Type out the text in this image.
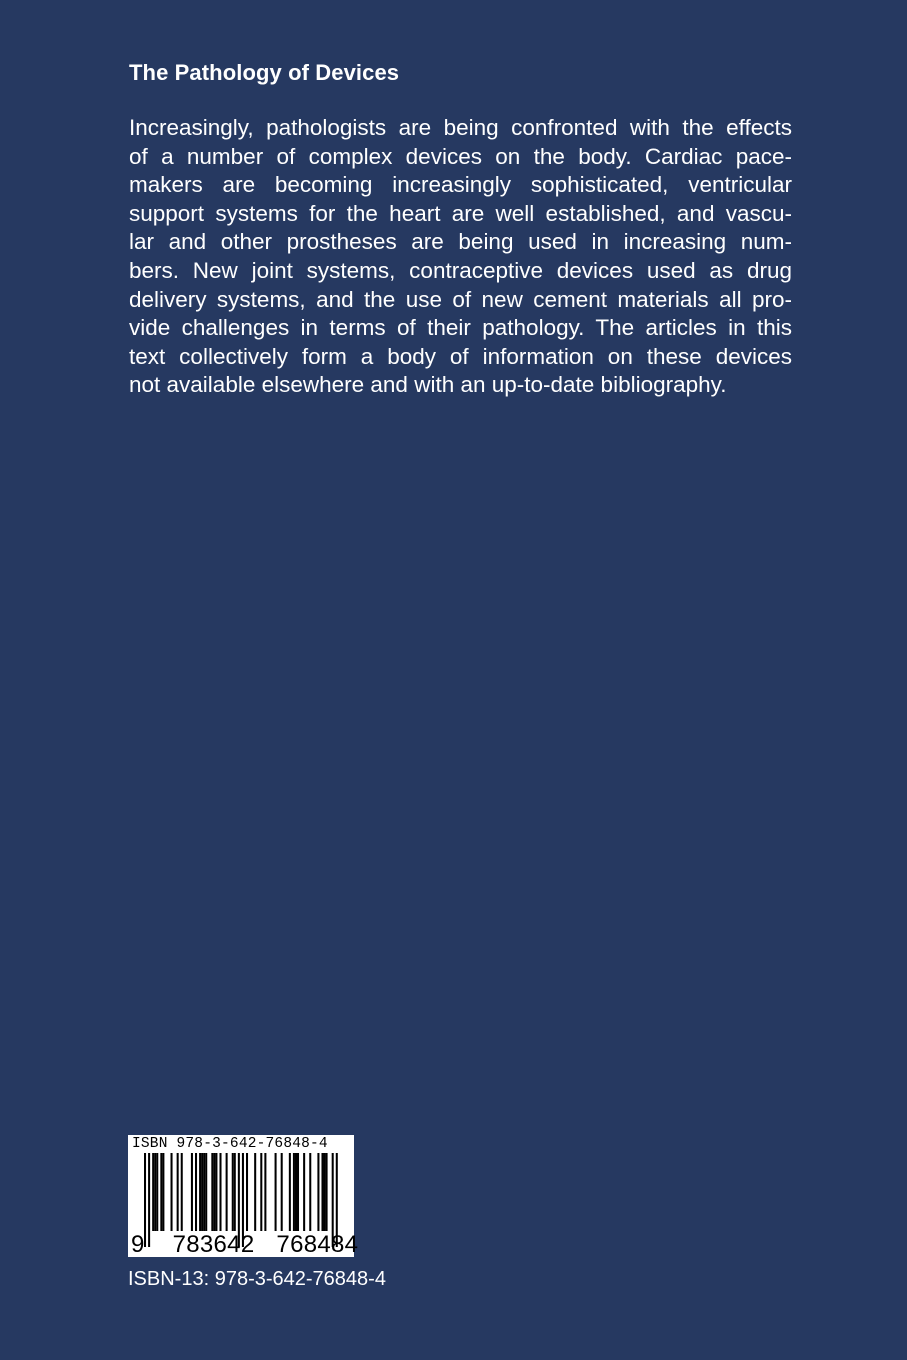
The Pathology of Devices
Increasingly, pathologists are being confronted with the effects
of a number of complex devices on the body. Cardiac pace-
makers are becoming increasingly sophisticated, ventricular
support systems for the heart are well established, and vascu-
lar and other prostheses are being used in increasing num-
bers. New joint systems, contraceptive devices used as drug
delivery systems, and the use of new cement materials all pro-
vide challenges in terms of their pathology. The articles in this
text collectively form a body of information on these devices
not available elsewhere and with an up-to-date bibliography.
ISBN 978-3-642-76848-4
9 783642 768484

ISBN-13: 978-3-642-76848-4
